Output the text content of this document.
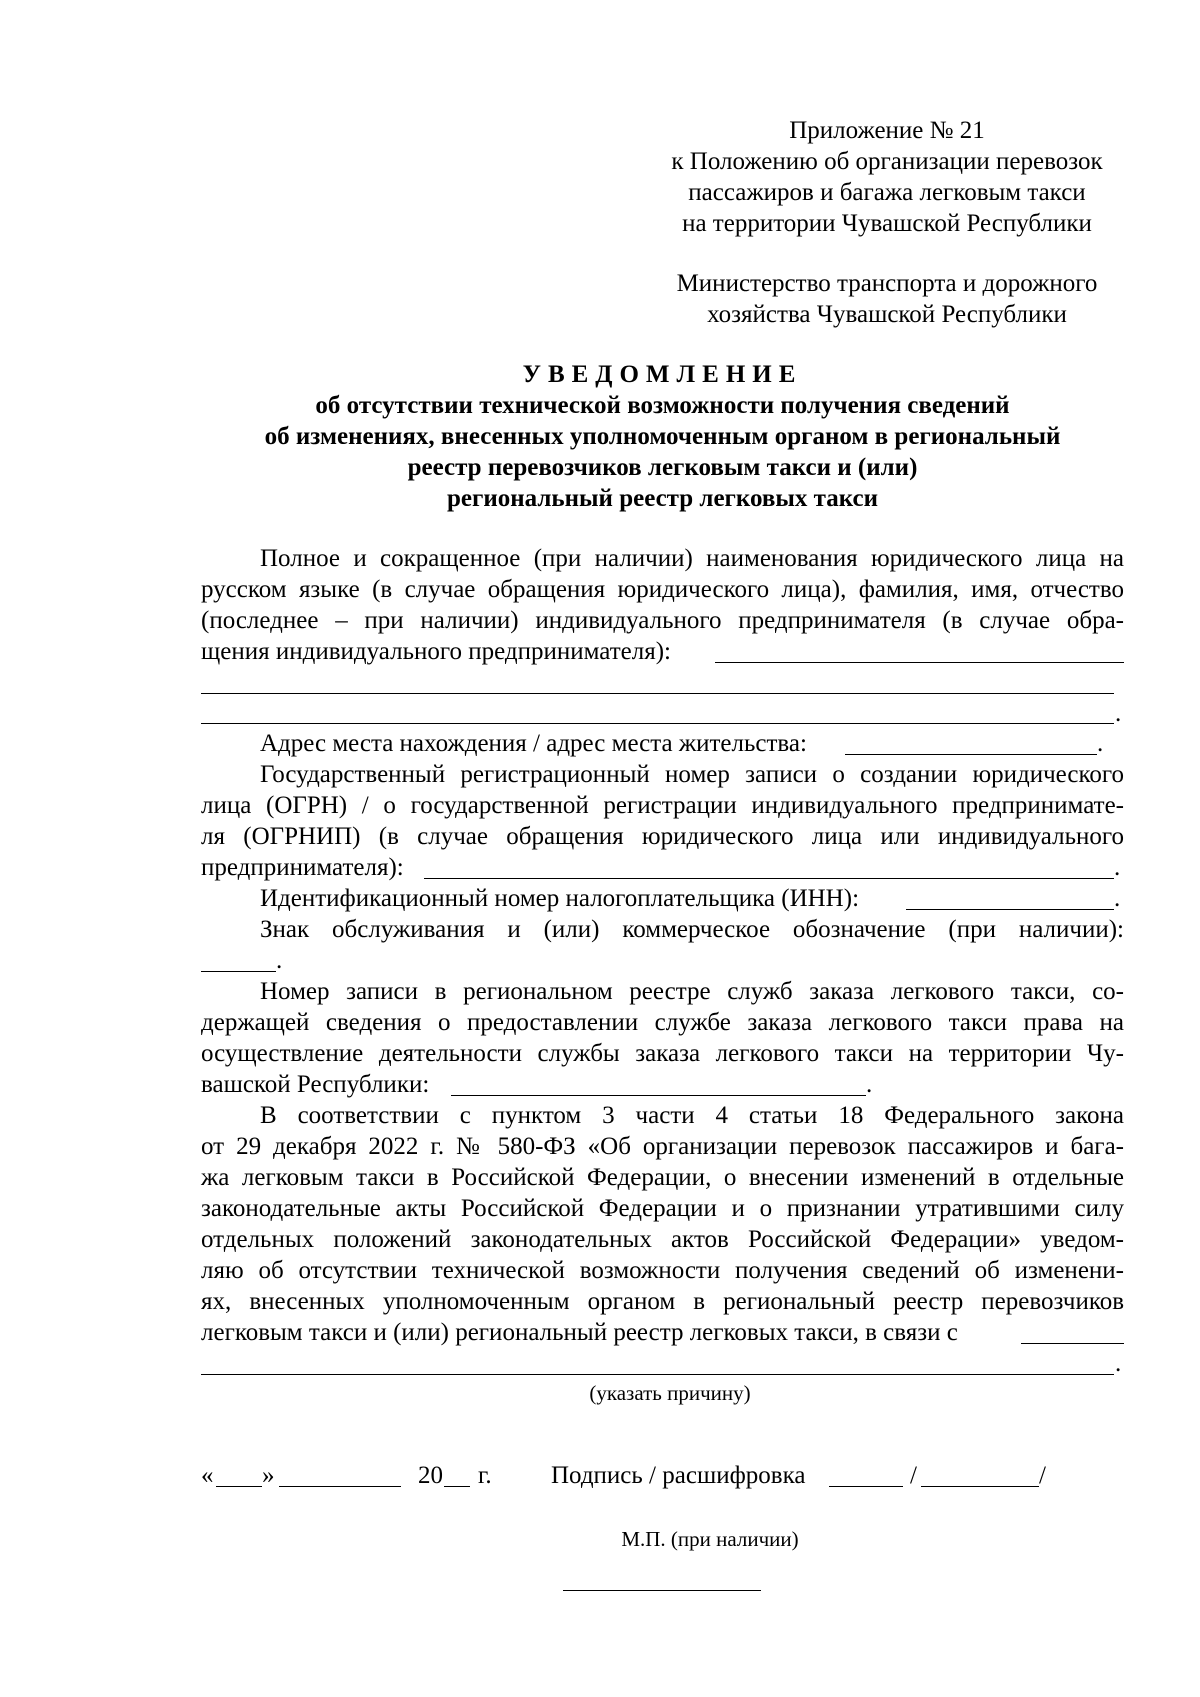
Приложение № 21
к Положению об организации перевозок
пассажиров и багажа легковым такси
на территории Чувашской Республики
Министерство транспорта и дорожного
хозяйства Чувашской Республики
УВЕДОМЛЕНИЕ
об отсутствии технической возможности получения сведений
об изменениях, внесенных уполномоченным органом в региональный
реестр перевозчиков легковым такси и (или)
региональный реестр легковых такси
Полное и сокращенное (при наличии) наименования юридического лица на
русском языке (в случае обращения юридического лица), фамилия, имя, отчество
(последнее – при наличии) индивидуального предпринимателя (в случае обра-
щения индивидуального предпринимателя):
.
Адрес места нахождения / адрес места жительства:	.
Государственный регистрационный номер записи о создании юридического
лица (ОГРН) / о государственной регистрации индивидуального предпринимате-
ля (ОГРНИП) (в случае обращения юридического лица или индивидуального
предпринимателя):	.
Идентификационный номер налогоплательщика (ИНН):	.
Знак обслуживания и (или) коммерческое обозначение (при наличии):
.
Номер записи в региональном реестре служб заказа легкового такси, со-
держащей сведения о предоставлении службе заказа легкового такси права на
осуществление деятельности службы заказа легкового такси на территории Чу-
вашской Республики:	.
В соответствии с пунктом 3 части 4 статьи 18 Федерального закона
от 29 декабря 2022 г. № 580-ФЗ «Об организации перевозок пассажиров и бага-
жа легковым такси в Российской Федерации, о внесении изменений в отдельные
законодательные акты Российской Федерации и о признании утратившими силу
отдельных положений законодательных актов Российской Федерации» уведом-
ляю об отсутствии технической возможности получения сведений об изменени-
ях, внесенных уполномоченным органом в региональный реестр перевозчиков
легковым такси и (или) региональный реестр легковых такси, в связи с
.
(указать причину)
« »	20 г. Подпись / расшифровка	/	/
М.П. (при наличии)
